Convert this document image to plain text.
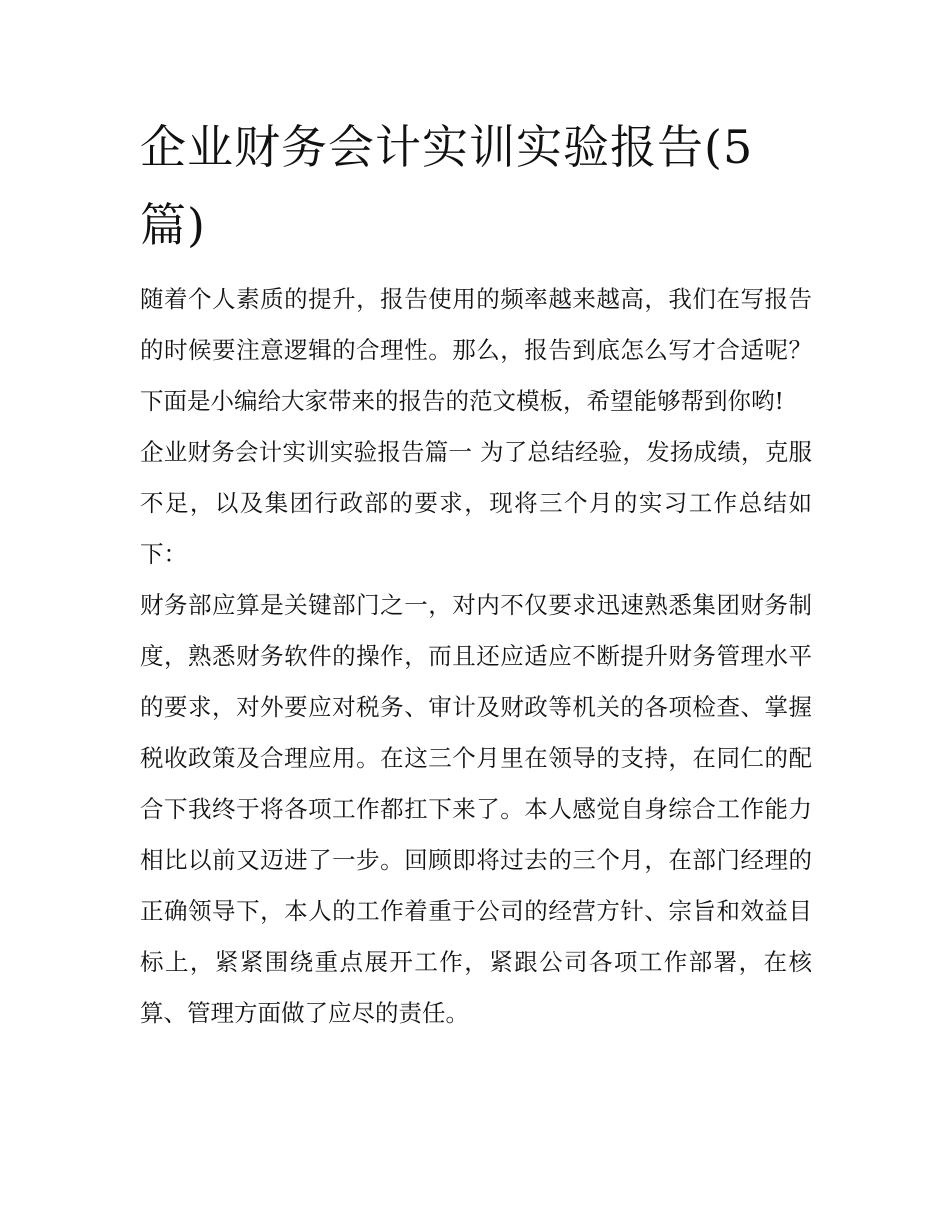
企业财务会计实训实验报告(5篇)

随着个人素质的提升，报告使用的频率越来越高，我们在写报告的时候要注意逻辑的合理性。那么，报告到底怎么写才合适呢？下面是小编给大家带来的报告的范文模板，希望能够帮到你哟!

企业财务会计实训实验报告篇一 为了总结经验，发扬成绩，克服不足，以及集团行政部的要求，现将三个月的实习工作总结如下：

财务部应算是关键部门之一，对内不仅要求迅速熟悉集团财务制度，熟悉财务软件的操作，而且还应适应不断提升财务管理水平的要求，对外要应对税务、审计及财政等机关的各项检查、掌握税收政策及合理应用。在这三个月里在领导的支持，在同仁的配合下我终于将各项工作都扛下来了。本人感觉自身综合工作能力相比以前又迈进了一步。回顾即将过去的三个月，在部门经理的正确领导下，本人的工作着重于公司的经营方针、宗旨和效益目标上，紧紧围绕重点展开工作，紧跟公司各项工作部署，在核算、管理方面做了应尽的责任。
